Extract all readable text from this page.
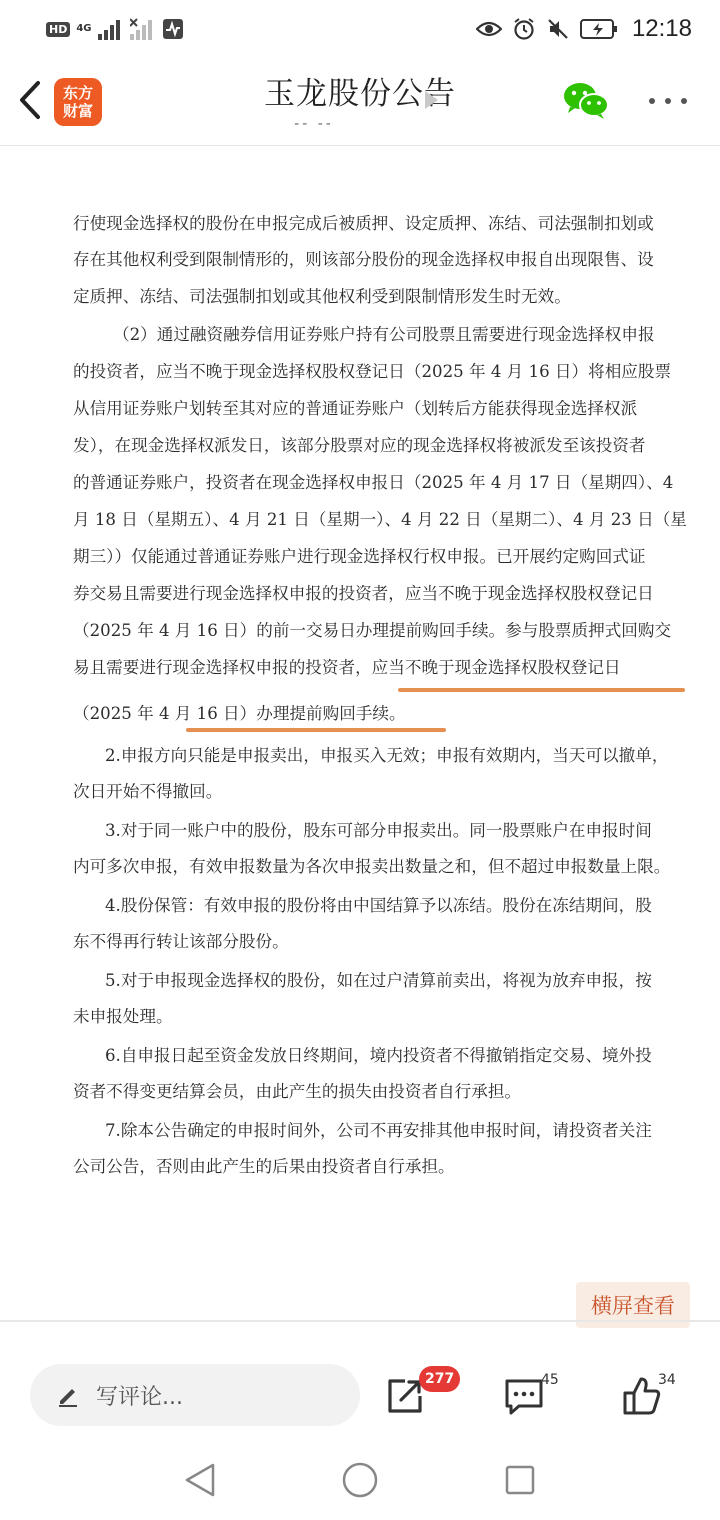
HD 4G	12:18
东方
财富	玉龙股份公告
-- --
行使现金选择权的股份在申报完成后被质押、设定质押、冻结、司法强制扣划或
存在其他权利受到限制情形的，则该部分股份的现金选择权申报自出现限售、设
定质押、冻结、司法强制扣划或其他权利受到限制情形发生时无效。
（2）通过融资融券信用证券账户持有公司股票且需要进行现金选择权申报
的投资者，应当不晚于现金选择权股权登记日（2025 年 4 月 16 日）将相应股票
从信用证券账户划转至其对应的普通证券账户（划转后方能获得现金选择权派
发），在现金选择权派发日，该部分股票对应的现金选择权将被派发至该投资者
的普通证券账户，投资者在现金选择权申报日（2025 年 4 月 17 日（星期四）、4
月 18 日（星期五）、4 月 21 日（星期一）、4 月 22 日（星期二）、4 月 23 日（星
期三））仅能通过普通证券账户进行现金选择权行权申报。已开展约定购回式证
券交易且需要进行现金选择权申报的投资者，应当不晚于现金选择权股权登记日
（2025 年 4 月 16 日）的前一交易日办理提前购回手续。参与股票质押式回购交
易且需要进行现金选择权申报的投资者，应当不晚于现金选择权股权登记日
（2025 年 4 月 16 日）办理提前购回手续。
2.申报方向只能是申报卖出，申报买入无效；申报有效期内，当天可以撤单，
次日开始不得撤回。
3.对于同一账户中的股份，股东可部分申报卖出。同一股票账户在申报时间
内可多次申报，有效申报数量为各次申报卖出数量之和，但不超过申报数量上限。
4.股份保管：有效申报的股份将由中国结算予以冻结。股份在冻结期间，股
东不得再行转让该部分股份。
5.对于申报现金选择权的股份，如在过户清算前卖出，将视为放弃申报，按
未申报处理。
6.自申报日起至资金发放日终期间，境内投资者不得撤销指定交易、境外投
资者不得变更结算会员，由此产生的损失由投资者自行承担。
7.除本公告确定的申报时间外，公司不再安排其他申报时间，请投资者关注
公司公告，否则由此产生的后果由投资者自行承担。
横屏查看
写评论...
277	45	34
